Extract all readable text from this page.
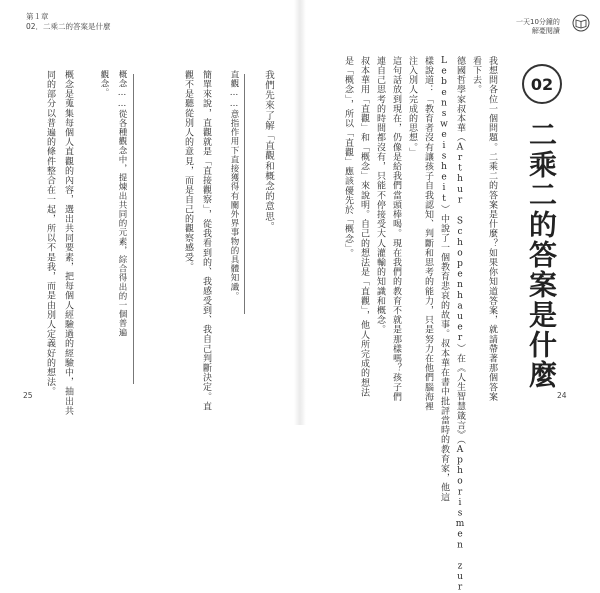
第１章
02．二乘二的答案是什麼
我們先來了解「直觀和概念的意思。
直觀……意指作用下直接獲得有關外界事物的具體知識。
簡單來說，直觀就是「直接觀察」，從我看到的、我感受到、我自己判斷決定。直
觀不是聽從別人的意見，而是自己的觀察感受。
概念……從各種觀念中，提煉出共同的元素，綜合得出的一個普遍
觀念。
概念是蒐集每個人直觀的內容，選出共同要素，把每個人經驗過的經驗中，抽出共
同的部分以普遍的條件整合在一起，所以不是我，而是由別人定義好的想法。
25
一天10分鐘的
解憂閱讀
02
二乘二的答案是什麼
我想問各位一個問題。二乘二的答案是什麼？如果你知道答案，就請帶著那個答案
看下去。
德國哲學家叔本華（Arthur Schopenhauer）在《人生智慧箴言》（Aphorismen zur
Lebensweisheit）中說了一個教育悲哀的故事。叔本華在書中批評當時的教育家，他這
樣說道：「教育者沒有讓孩子自我認知、判斷和思考的能力，只是努力在他們腦海裡
注入別人完成的思想。」
這句話放到現在，仍像是給我們當頭棒喝。現在我們的教育不就是那樣嗎？孩子們
連自己思考的時間都沒有，只能不停接受大人灌輸的知識和概念。
叔本華用「直觀」和「概念」來說明。自己的想法是「直觀」，他人所完成的想法
是「概念」，所以「直觀」應該優先於「概念」。
24
